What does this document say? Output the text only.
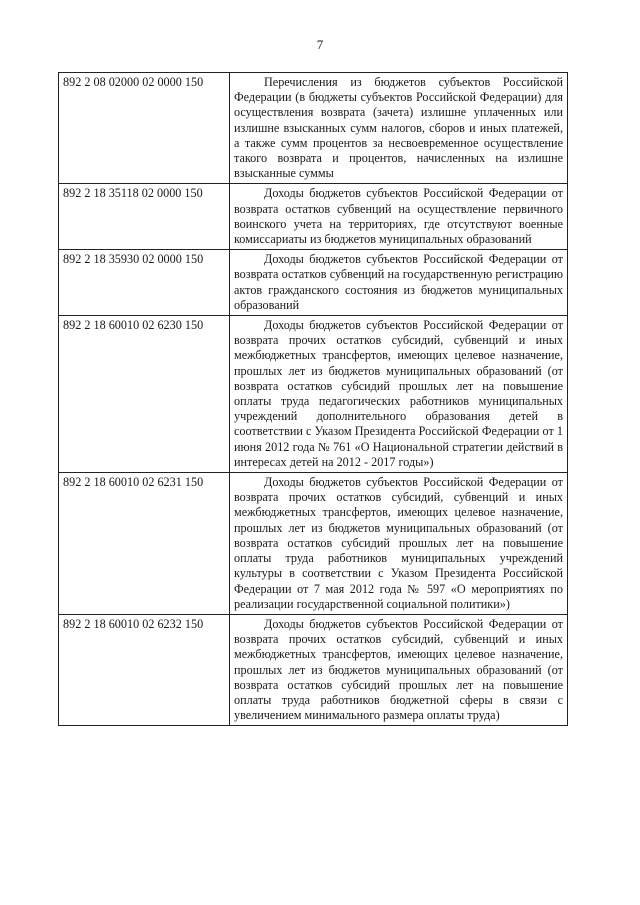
7
892 2 08 02000 02 0000 150	Перечисления из бюджетов субъектов Российской Федерации (в бюджеты субъектов Российской Федерации) для осуществления возврата (зачета) излишне уплаченных или излишне взысканных сумм налогов, сборов и иных платежей, а также сумм процентов за несвоевременное осуществление такого возврата и процентов, начисленных на излишне взысканные суммы
892 2 18 35118 02 0000 150	Доходы бюджетов субъектов Российской Федерации от возврата остатков субвенций на осуществление первичного воинского учета на территориях, где отсутствуют военные комиссариаты из бюджетов муниципальных образований
892 2 18 35930 02 0000 150	Доходы бюджетов субъектов Российской Федерации от возврата остатков субвенций на государственную регистрацию актов гражданского состояния из бюджетов муниципальных образований
892 2 18 60010 02 6230 150	Доходы бюджетов субъектов Российской Федерации от возврата прочих остатков субсидий, субвенций и иных межбюджетных трансфертов, имеющих целевое назначение, прошлых лет из бюджетов муниципальных образований (от возврата остатков субсидий прошлых лет на повышение оплаты труда педагогических работников муниципальных учреждений дополнительного образования детей в соответствии с Указом Президента Российской Федерации от 1 июня 2012 года № 761 «О Национальной стратегии действий в интересах детей на 2012 - 2017 годы»)
892 2 18 60010 02 6231 150	Доходы бюджетов субъектов Российской Федерации от возврата прочих остатков субсидий, субвенций и иных межбюджетных трансфертов, имеющих целевое назначение, прошлых лет из бюджетов муниципальных образований (от возврата остатков субсидий прошлых лет на повышение оплаты труда работников муниципальных учреждений культуры в соответствии с Указом Президента Российской Федерации от 7 мая 2012 года № 597 «О мероприятиях по реализации государственной социальной политики»)
892 2 18 60010 02 6232 150	Доходы бюджетов субъектов Российской Федерации от возврата прочих остатков субсидий, субвенций и иных межбюджетных трансфертов, имеющих целевое назначение, прошлых лет из бюджетов муниципальных образований (от возврата остатков субсидий прошлых лет на повышение оплаты труда работников бюджетной сферы в связи с увеличением минимального размера оплаты труда)
